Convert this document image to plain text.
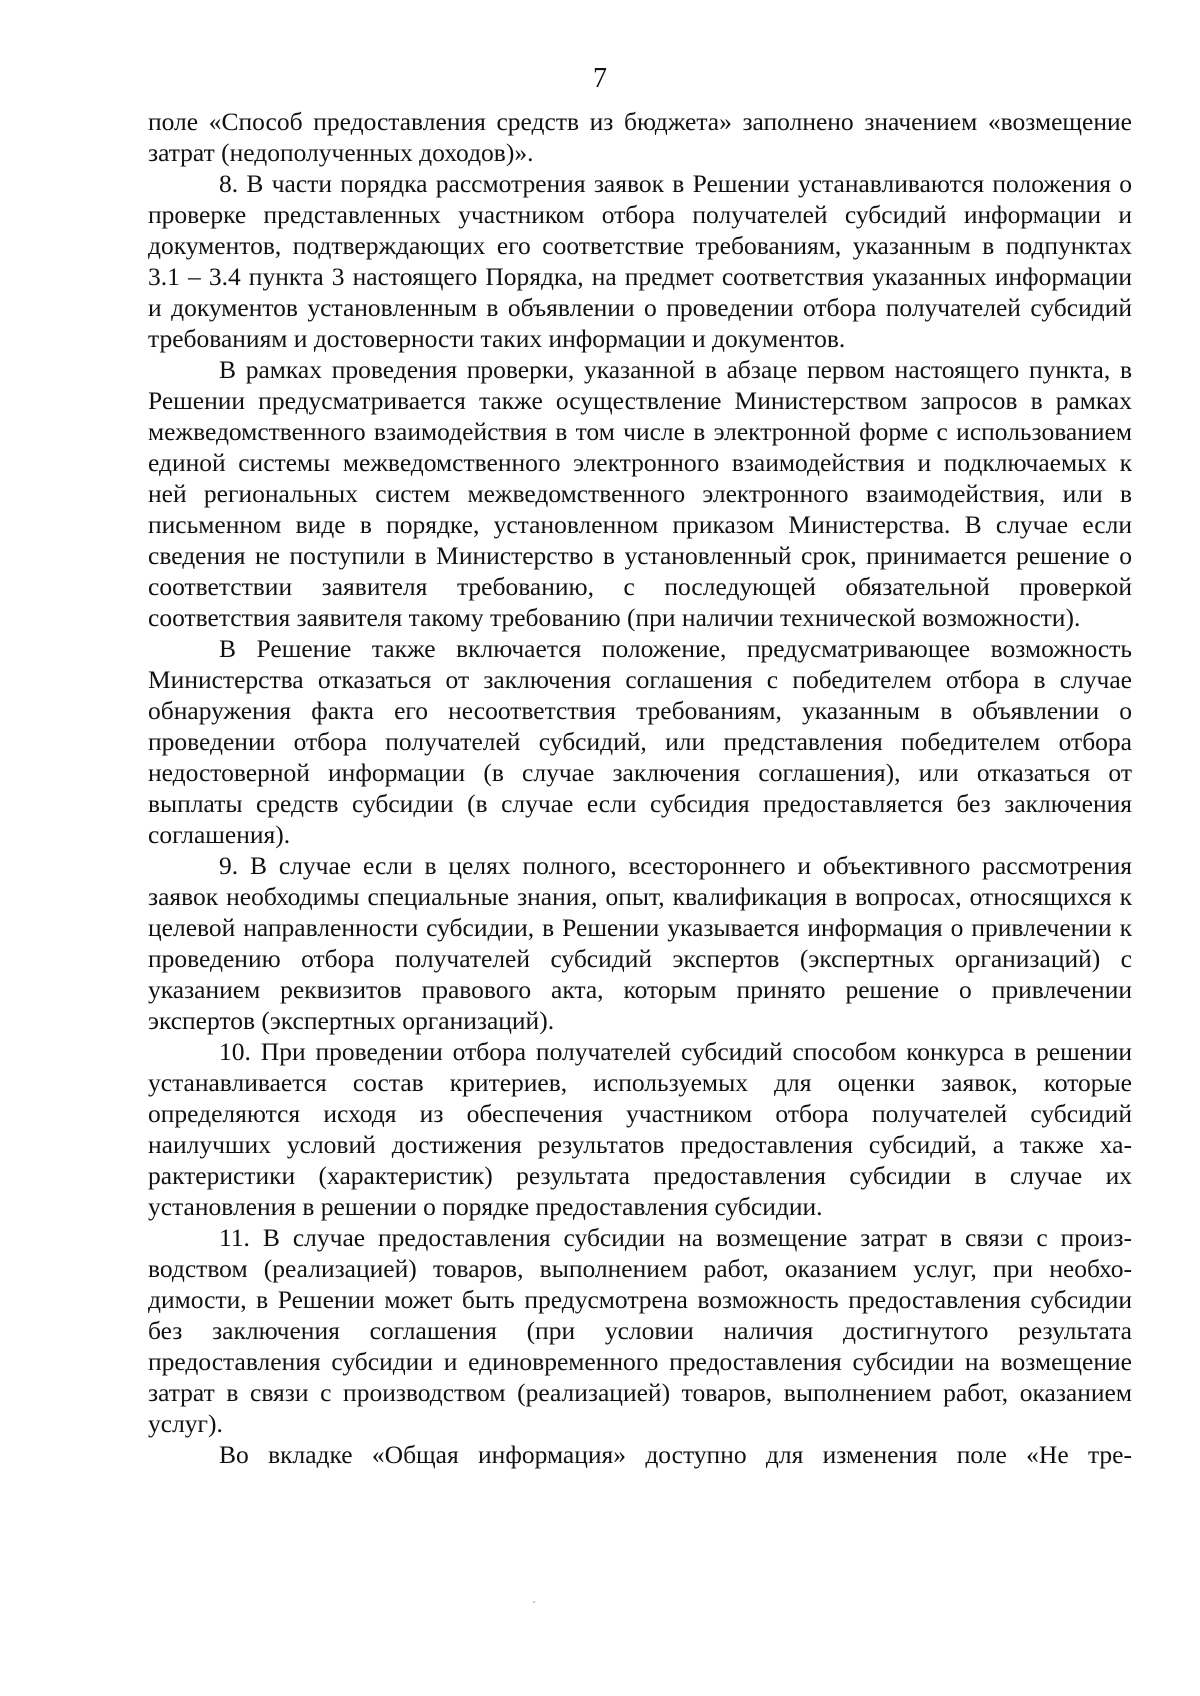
7

поле «Способ предоставления средств из бюджета» заполнено значением «возмещение затрат (недополученных доходов)».

8. В части порядка рассмотрения заявок в Решении устанавливаются положения о проверке представленных участником отбора получателей субсидий информации и документов, подтверждающих его соответствие требованиям, указанным в подпунктах 3.1 – 3.4 пункта 3 настоящего Порядка, на предмет соответствия указанных информации и документов установленным в объявлении о проведении отбора получателей субсидий требованиям и достоверности таких информации и документов.

В рамках проведения проверки, указанной в абзаце первом настоящего пункта, в Решении предусматривается также осуществление Министерством запросов в рамках межведомственного взаимодействия в том числе в электронной форме с использованием единой системы межведомственного электронного взаимодействия и подключаемых к ней региональных систем межведомственного электронного взаимодействия, или в письменном виде в порядке, установленном приказом Министерства. В случае если сведения не поступили в Министерство в установленный срок, принимается решение о соответствии заявителя требованию, с последующей обязательной проверкой соответствия заявителя такому требованию (при наличии технической возможности).

В Решение также включается положение, предусматривающее возможность Министерства отказаться от заключения соглашения с победителем отбора в случае обнаружения факта его несоответствия требованиям, указанным в объявлении о проведении отбора получателей субсидий, или представления победителем отбора недостоверной информации (в случае заключения соглашения), или отказаться от выплаты средств субсидии (в случае если субсидия предоставляется без заключения соглашения).

9. В случае если в целях полного, всестороннего и объективного рассмотрения заявок необходимы специальные знания, опыт, квалификация в вопросах, относящихся к целевой направленности субсидии, в Решении указывается информация о привлечении к проведению отбора получателей субсидий экспертов (экспертных организаций) с указанием реквизитов правового акта, которым принято решение о привлечении экспертов (экспертных организаций).

10. При проведении отбора получателей субсидий способом конкурса в решении устанавливается состав критериев, используемых для оценки заявок, которые определяются исходя из обеспечения участником отбора получателей субсидий наилучших условий достижения результатов предоставления субсидий, а также характеристики (характеристик) результата предоставления субсидии в случае их установления в решении о порядке предоставления субсидии.

11. В случае предоставления субсидии на возмещение затрат в связи с производством (реализацией) товаров, выполнением работ, оказанием услуг, при необходимости, в Решении может быть предусмотрена возможность предоставления субсидии без заключения соглашения (при условии наличия достигнутого результата предоставления субсидии и единовременного предоставления субсидии на возмещение затрат в связи с производством (реализацией) товаров, выполнением работ, оказанием услуг).

Во вкладке «Общая информация» доступно для изменения поле «Не тре-
